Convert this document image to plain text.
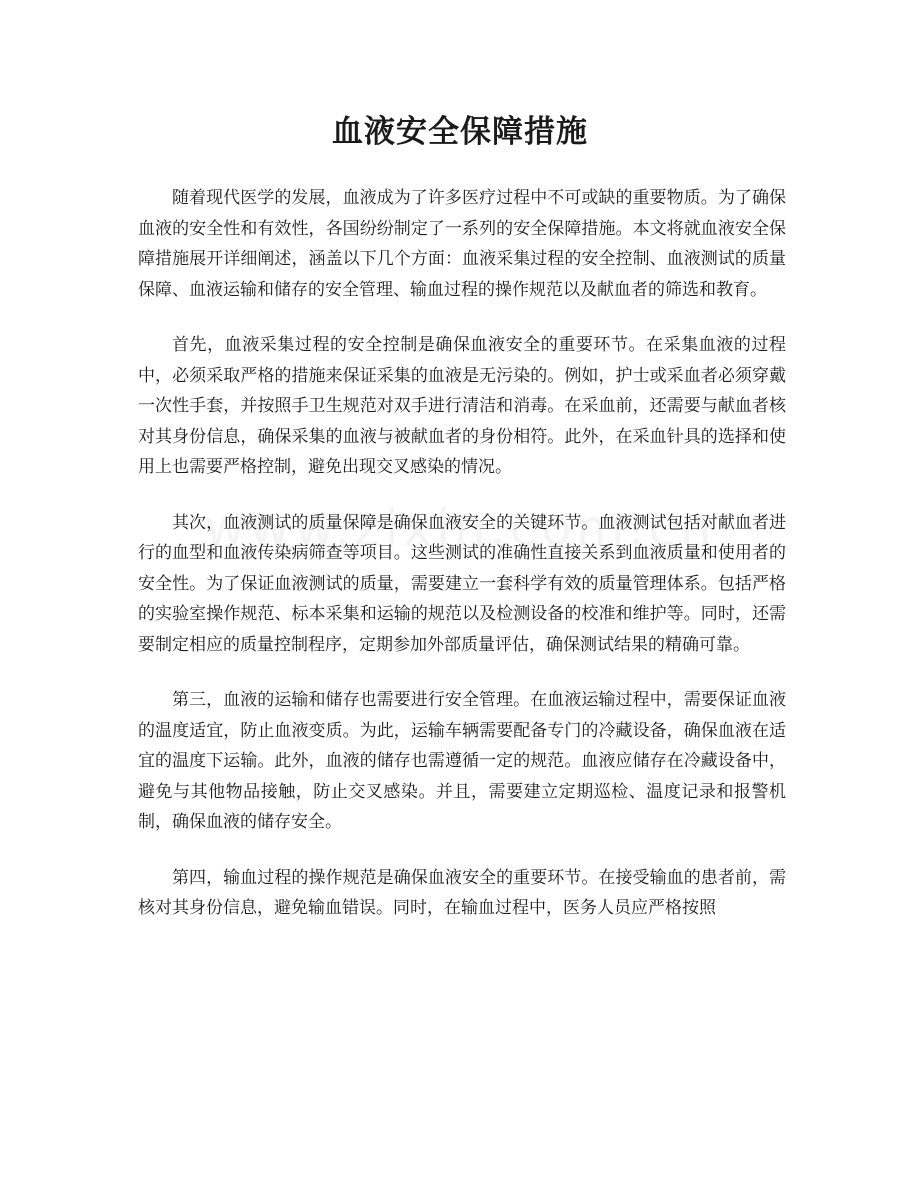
血液安全保障措施

随着现代医学的发展，血液成为了许多医疗过程中不可或缺的重要物质。为了确保血液的安全性和有效性，各国纷纷制定了一系列的安全保障措施。本文将就血液安全保障措施展开详细阐述，涵盖以下几个方面：血液采集过程的安全控制、血液测试的质量保障、血液运输和储存的安全管理、输血过程的操作规范以及献血者的筛选和教育。

首先，血液采集过程的安全控制是确保血液安全的重要环节。在采集血液的过程中，必须采取严格的措施来保证采集的血液是无污染的。例如，护士或采血者必须穿戴一次性手套，并按照手卫生规范对双手进行清洁和消毒。在采血前，还需要与献血者核对其身份信息，确保采集的血液与被献血者的身份相符。此外，在采血针具的选择和使用上也需要严格控制，避免出现交叉感染的情况。

其次，血液测试的质量保障是确保血液安全的关键环节。血液测试包括对献血者进行的血型和血液传染病筛查等项目。这些测试的准确性直接关系到血液质量和使用者的安全性。为了保证血液测试的质量，需要建立一套科学有效的质量管理体系。包括严格的实验室操作规范、标本采集和运输的规范以及检测设备的校准和维护等。同时，还需要制定相应的质量控制程序，定期参加外部质量评估，确保测试结果的精确可靠。

第三，血液的运输和储存也需要进行安全管理。在血液运输过程中，需要保证血液的温度适宜，防止血液变质。为此，运输车辆需要配备专门的冷藏设备，确保血液在适宜的温度下运输。此外，血液的储存也需遵循一定的规范。血液应储存在冷藏设备中，避免与其他物品接触，防止交叉感染。并且，需要建立定期巡检、温度记录和报警机制，确保血液的储存安全。

第四，输血过程的操作规范是确保血液安全的重要环节。在接受输血的患者前，需核对其身份信息，避免输血错误。同时，在输血过程中，医务人员应严格按照
